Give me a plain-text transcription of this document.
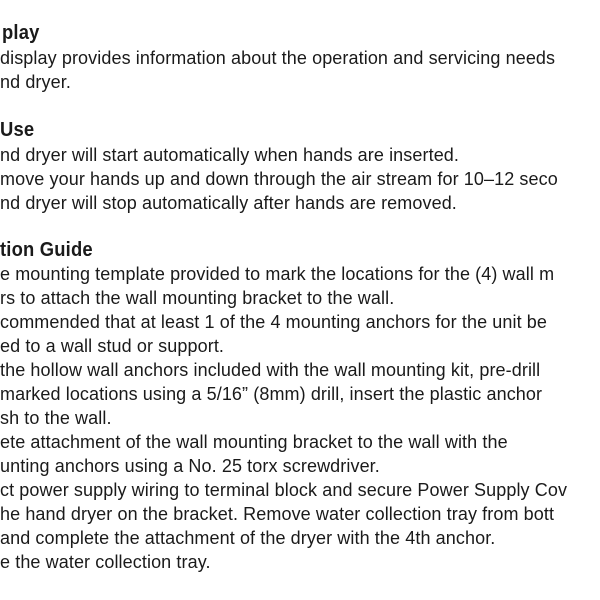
play
display provides information about the operation and servicing needs
nd dryer.
Use
nd dryer will start automatically when hands are inserted.
move your hands up and down through the air stream for 10–12 seco
nd dryer will stop automatically after hands are removed.
tion Guide
e mounting template provided to mark the locations for the (4) wall m
rs to attach the wall mounting bracket to the wall.
commended that at least 1 of the 4 mounting anchors for the unit be
ed to a wall stud or support.
the hollow wall anchors included with the wall mounting kit, pre-drill
marked locations using a 5/16” (8mm) drill, insert the plastic anchor
sh to the wall.
ete attachment of the wall mounting bracket to the wall with the
unting anchors using a No. 25 torx screwdriver.
ct power supply wiring to terminal block and secure Power Supply Cov
he hand dryer on the bracket. Remove water collection tray from bott
and complete the attachment of the dryer with the 4th anchor.
e the water collection tray.
